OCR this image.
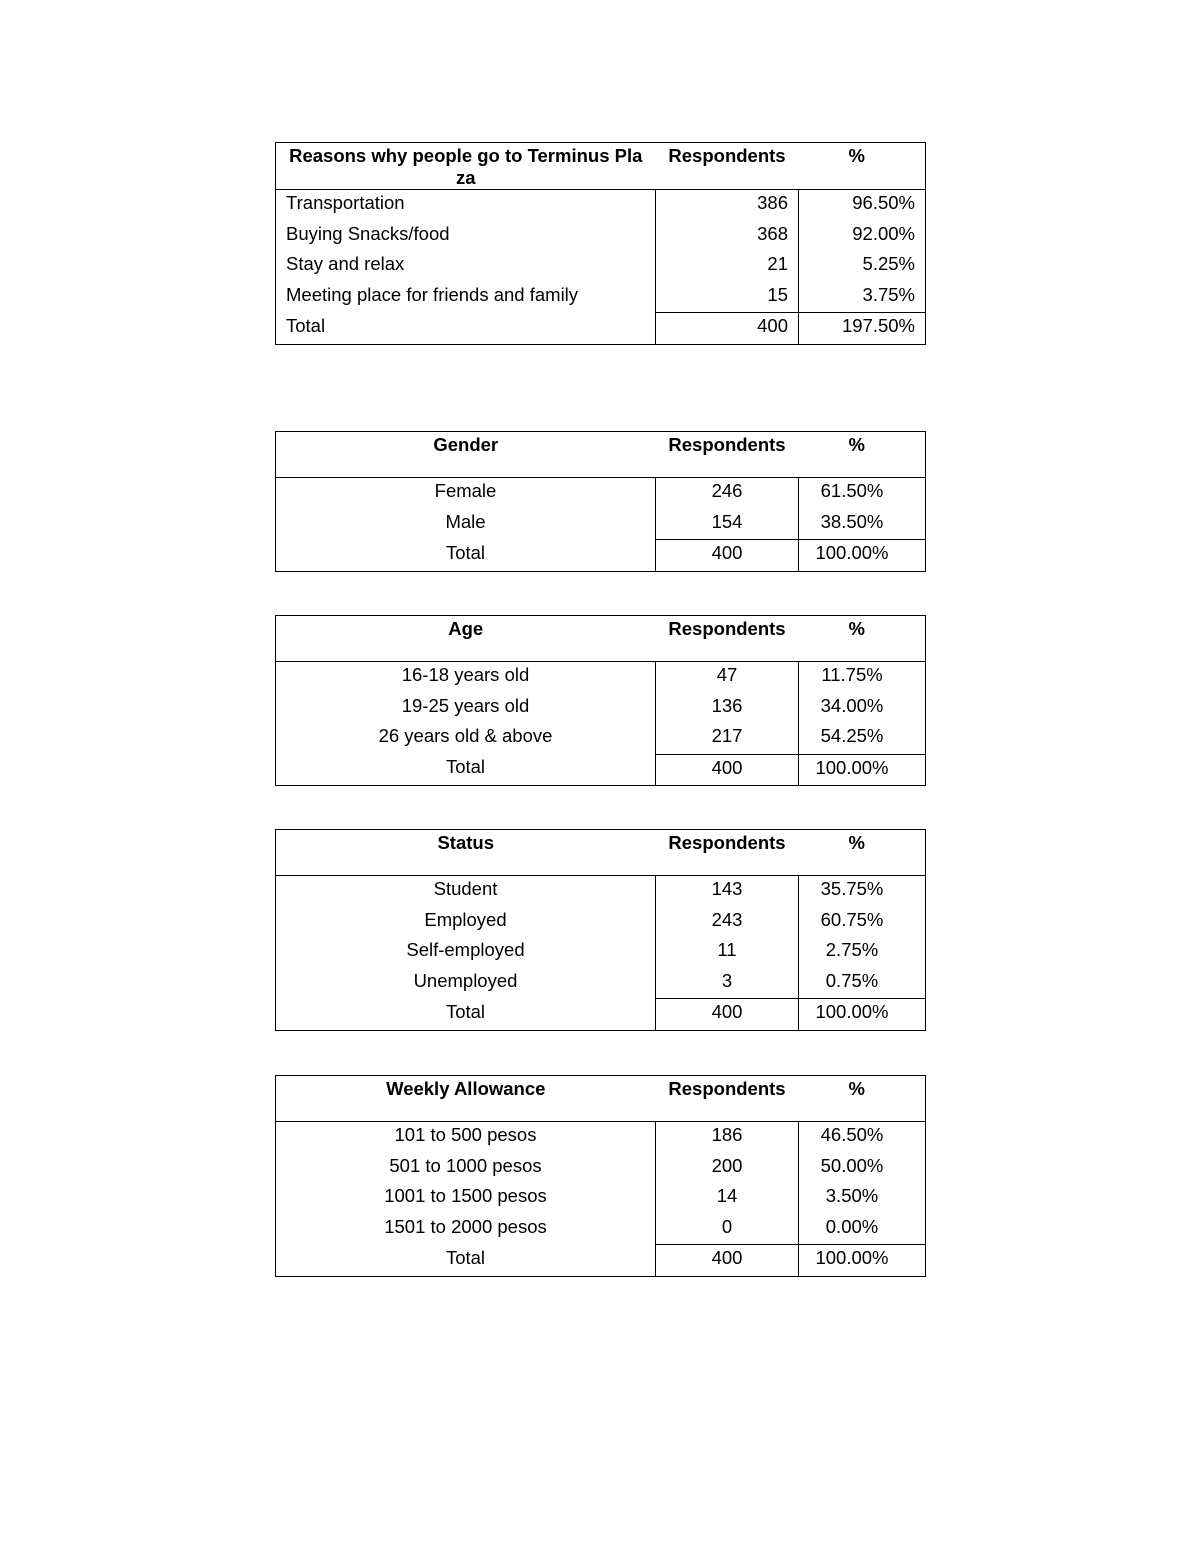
Reasons why people go to Terminus Plaza	Respondents	%
Transportation	386	96.50%
Buying Snacks/food	368	92.00%
Stay and relax	21	5.25%
Meeting place for friends and family	15	3.75%
Total	400	197.50%
Gender	Respondents	%
Female	246	61.50%
Male	154	38.50%
Total	400	100.00%
Age	Respondents	%
16-18 years old	47	11.75%
19-25 years old	136	34.00%
26 years old & above	217	54.25%
Total	400	100.00%
Status	Respondents	%
Student	143	35.75%
Employed	243	60.75%
Self-employed	11	2.75%
Unemployed	3	0.75%
Total	400	100.00%
Weekly Allowance	Respondents	%
101 to 500 pesos	186	46.50%
501 to 1000 pesos	200	50.00%
1001 to 1500 pesos	14	3.50%
1501 to 2000 pesos	0	0.00%
Total	400	100.00%
